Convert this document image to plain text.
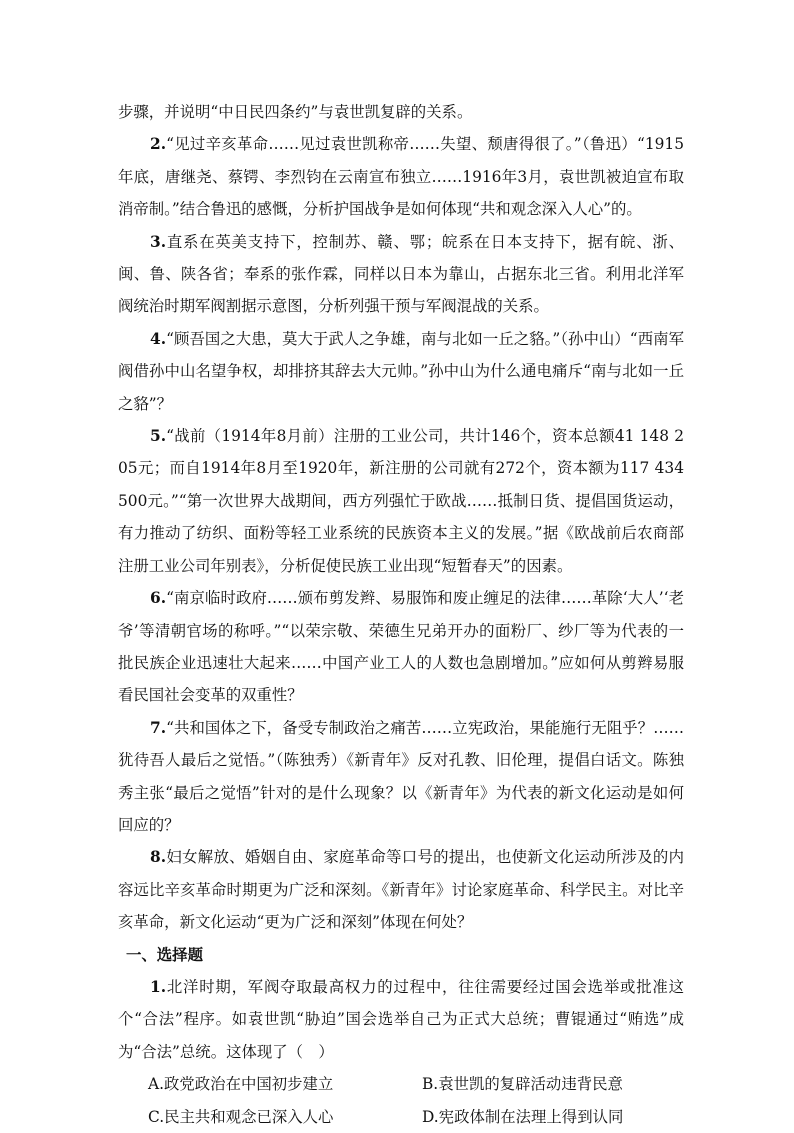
步骤，并说明“中日民四条约”与袁世凯复辟的关系。

2.“见过辛亥革命……见过袁世凯称帝……失望、颓唐得很了。”（鲁迅）“1915年底，唐继尧、蔡锷、李烈钧在云南宣布独立……1916年3月，袁世凯被迫宣布取消帝制。”结合鲁迅的感慨，分析护国战争是如何体现“共和观念深入人心”的。

3.直系在英美支持下，控制苏、赣、鄂；皖系在日本支持下，据有皖、浙、闽、鲁、陕各省；奉系的张作霖，同样以日本为靠山，占据东北三省。利用北洋军阀统治时期军阀割据示意图，分析列强干预与军阀混战的关系。

4.“顾吾国之大患，莫大于武人之争雄，南与北如一丘之貉。”（孙中山）“西南军阀借孙中山名望争权，却排挤其辞去大元帅。”孙中山为什么通电痛斥“南与北如一丘之貉”？

5.“战前（1914年8月前）注册的工业公司，共计146个，资本总额41 148 205元；而自1914年8月至1920年，新注册的公司就有272个，资本额为117 434 500元。”“第一次世界大战期间，西方列强忙于欧战……抵制日货、提倡国货运动，有力推动了纺织、面粉等轻工业系统的民族资本主义的发展。”据《欧战前后农商部注册工业公司年别表》，分析促使民族工业出现“短暂春天”的因素。

6.“南京临时政府……颁布剪发辫、易服饰和废止缠足的法律……革除‘大人’‘老爷’等清朝官场的称呼。”“以荣宗敬、荣德生兄弟开办的面粉厂、纱厂等为代表的一批民族企业迅速壮大起来……中国产业工人的人数也急剧增加。”应如何从剪辫易服看民国社会变革的双重性？

7.“共和国体之下，备受专制政治之痛苦……立宪政治，果能施行无阻乎？……犹待吾人最后之觉悟。”（陈独秀）《新青年》反对孔教、旧伦理，提倡白话文。陈独秀主张“最后之觉悟”针对的是什么现象？以《新青年》为代表的新文化运动是如何回应的？

8.妇女解放、婚姻自由、家庭革命等口号的提出，也使新文化运动所涉及的内容远比辛亥革命时期更为广泛和深刻。《新青年》讨论家庭革命、科学民主。对比辛亥革命，新文化运动“更为广泛和深刻”体现在何处？

一、选择题

1.北洋时期，军阀夺取最高权力的过程中，往往需要经过国会选举或批准这个“合法”程序。如袁世凯“胁迫”国会选举自己为正式大总统；曹锟通过“贿选”成为“合法”总统。这体现了（　）

A.政党政治在中国初步建立	B.袁世凯的复辟活动违背民意
C.民主共和观念已深入人心	D.宪政体制在法理上得到认同
